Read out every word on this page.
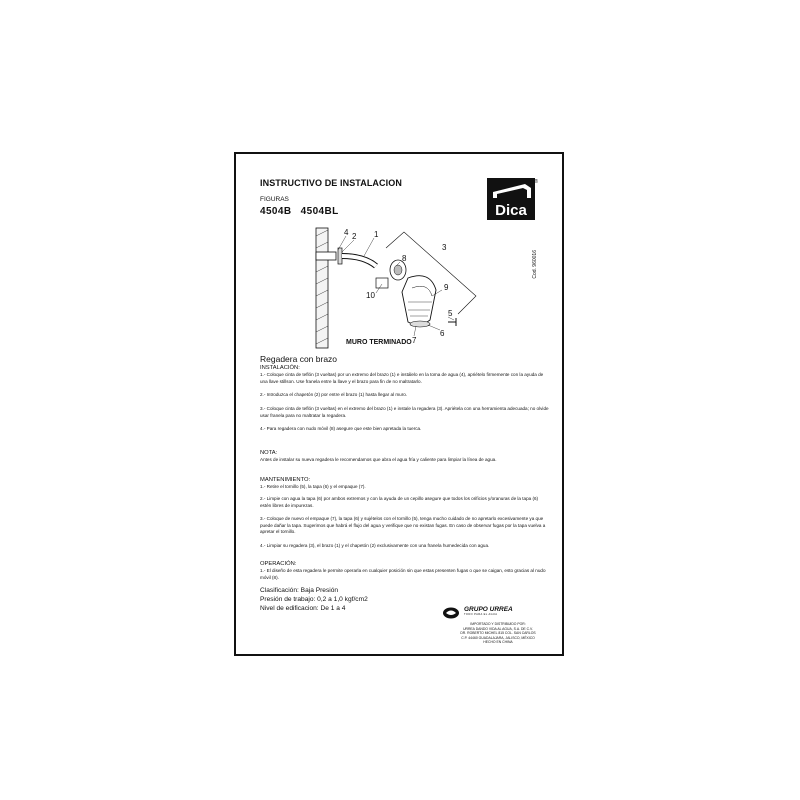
INSTRUCTIVO DE INSTALACION
FIGURAS
4504B 4504BL	Dica
®
Cod. 960016
1
2
3
4
5
6
7
8
9
10
MURO TERMINADO
Regadera con brazo
INSTALACIÓN:
1.- Coloque cinta de teflón (3 vueltas) por un extremo del brazo (1) e instálelo en la toma de agua (4), apriételo firmemente con la ayuda de una llave stillson. Use franela entre la llave y el brazo para fin de no maltratarlo.
2.- Introduzca el chapetón (2) por entre el brazo (1) hasta llegar al muro.
3.- Coloque cinta de teflón (3 vueltas) en el extremo del brazo (1) e instale la regadera (3). Apriétela con una herramienta adecuada; no olvide usar franela para no maltratar la regadera.
4.- Para regadera con nudo móvil (8) asegure que este bien apretada la tuerca.
NOTA:
Antes de instalar su nueva regadera le recomendamos que abra el agua fría y caliente para limpiar la línea de agua.
MANTENIMIENTO:
1.- Retire el tornillo (5), la tapa (6) y el empaque (7).
2.- Limpie con agua la tapa (6) por ambos extremos y con la ayuda de un cepillo asegure que todos los orificios y/oranuras de la tapa (6) estén libres de impurezas.
3.- Coloque de nuevo el empaque (7), la tapa (6) y sujételos con el tornillo (5), tenga mucho cuidado de no apretarlo excesivamente ya que puede dañar la tapa. Sugerimos que habrá el flujo del agua y verifique que no existan fugas. En caso de observar fugas por la tapa vuelva a apretar el tornillo.
4.- Limpiar su regadera (3), el brazo (1) y el chapetón (2) exclusivamente con una franela humedecida con agua.
OPERACIÓN:
1.- El diseño de esta regadera le permite operarla en cualquier posición sin que estas presenten fugas o que se caigan, esto gracias al nudo móvil (8).
Clasificación: Baja Presión
Presión de trabajo: 0,2 a 1,0 kgf/cm2
Nivel de edificacion: De 1 a 4	GRUPO URREA
TODO PARA EL AGUA
IMPORTADO Y DISTRIBUIDO POR:
URREA DANDO VIDA AL AGUA, S.A. DE C.V.
DR. ROBERTO MICHEL 815 COL. SAN CARLOS
C.P. 44460 GUADALAJARA, JALISCO, MÉXICO
HECHO EN CHINA
